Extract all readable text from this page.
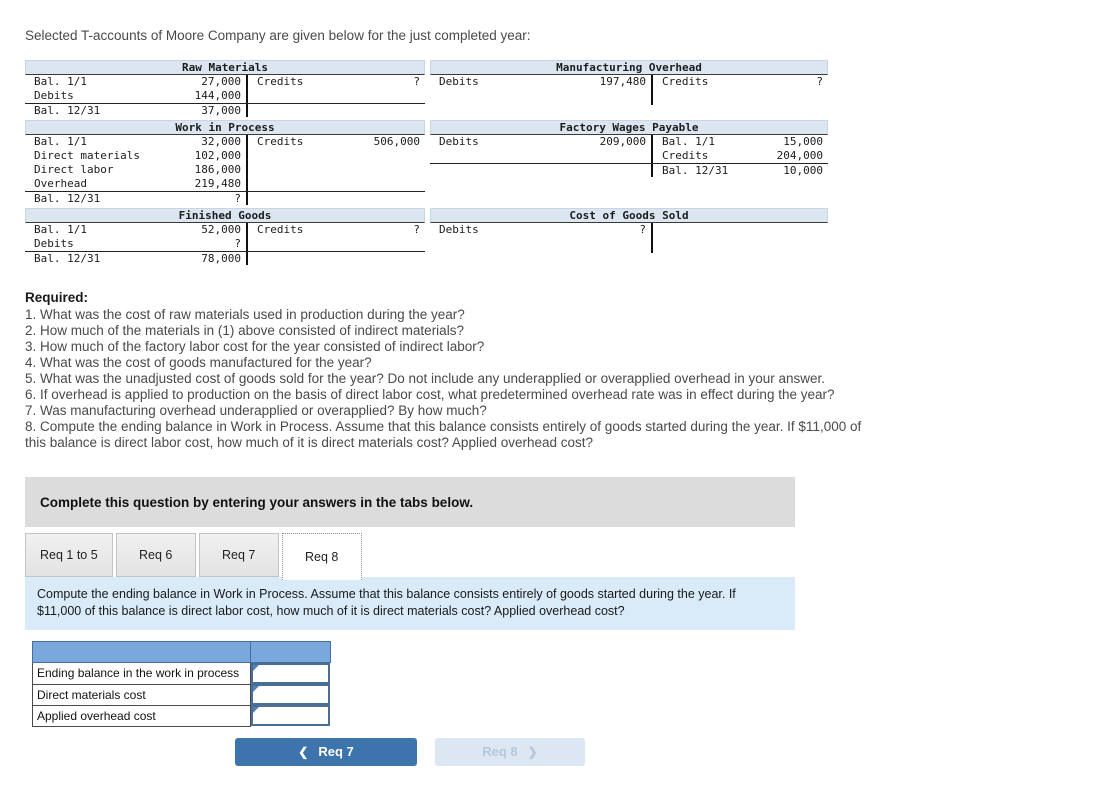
Selected T-accounts of Moore Company are given below for the just completed year:
Raw Materials
Bal. 1/1	27,000 Credits	?
Debits	144,000
Bal. 12/31	37,000
Manufacturing Overhead
Debits	197,480 Credits	?
Work in Process
Bal. 1/1	32,000 Credits	506,000
Direct materials	102,000
Direct labor	186,000
Overhead	219,480
Bal. 12/31	?
Factory Wages Payable
Debits	209,000 Bal. 1/1	15,000
Credits	204,000
Bal. 12/31	10,000
Finished Goods
Bal. 1/1	52,000 Credits	?
Debits	?
Bal. 12/31	78,000
Cost of Goods Sold
Debits	?
Required:
1. What was the cost of raw materials used in production during the year?
2. How much of the materials in (1) above consisted of indirect materials?
3. How much of the factory labor cost for the year consisted of indirect labor?
4. What was the cost of goods manufactured for the year?
5. What was the unadjusted cost of goods sold for the year? Do not include any underapplied or overapplied overhead in your answer.
6. If overhead is applied to production on the basis of direct labor cost, what predetermined overhead rate was in effect during the year?
7. Was manufacturing overhead underapplied or overapplied? By how much?
8. Compute the ending balance in Work in Process. Assume that this balance consists entirely of goods started during the year. If $11,000 of this balance is direct labor cost, how much of it is direct materials cost? Applied overhead cost?
Complete this question by entering your answers in the tabs below.
Req 1 to 5	Req 6	Req 7	Req 8
Compute the ending balance in Work in Process. Assume that this balance consists entirely of goods started during the year. If $11,000 of this balance is direct labor cost, how much of it is direct materials cost? Applied overhead cost?

Ending balance in the work in process	

Direct materials cost	

Applied overhead cost	
❮ Req 7	Req 8 ❯
